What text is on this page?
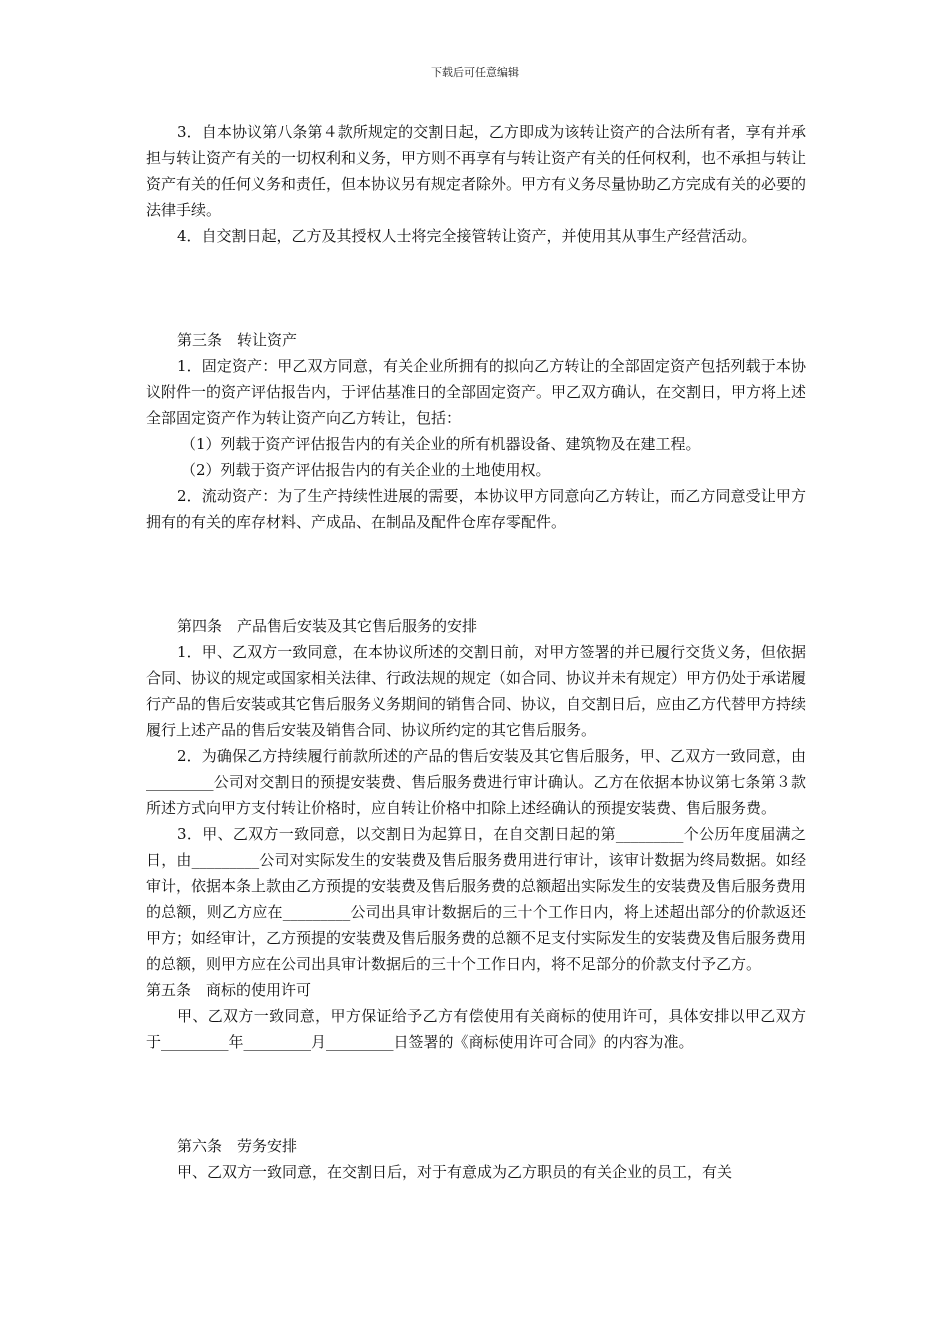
下载后可任意编辑

3．自本协议第八条第４款所规定的交割日起，乙方即成为该转让资产的合法所有者，享有并承担与转让资产有关的一切权利和义务，甲方则不再享有与转让资产有关的任何权利，也不承担与转让资产有关的任何义务和责任，但本协议另有规定者除外。甲方有义务尽量协助乙方完成有关的必要的法律手续。

4．自交割日起，乙方及其授权人士将完全接管转让资产，并使用其从事生产经营活动。

第三条　转让资产

1．固定资产：甲乙双方同意，有关企业所拥有的拟向乙方转让的全部固定资产包括列载于本协议附件一的资产评估报告内，于评估基准日的全部固定资产。甲乙双方确认，在交割日，甲方将上述全部固定资产作为转让资产向乙方转让，包括：

（1）列载于资产评估报告内的有关企业的所有机器设备、建筑物及在建工程。

（2）列载于资产评估报告内的有关企业的土地使用权。

2．流动资产：为了生产持续性进展的需要，本协议甲方同意向乙方转让，而乙方同意受让甲方拥有的有关的库存材料、产成品、在制品及配件仓库存零配件。

第四条　产品售后安装及其它售后服务的安排

1．甲、乙双方一致同意，在本协议所述的交割日前，对甲方签署的并已履行交货义务，但依据合同、协议的规定或国家相关法律、行政法规的规定（如合同、协议并未有规定）甲方仍处于承诺履行产品的售后安装或其它售后服务义务期间的销售合同、协议，自交割日后，应由乙方代替甲方持续履行上述产品的售后安装及销售合同、协议所约定的其它售后服务。

2．为确保乙方持续履行前款所述的产品的售后安装及其它售后服务，甲、乙双方一致同意，由_________公司对交割日的预提安装费、售后服务费进行审计确认。乙方在依据本协议第七条第３款所述方式向甲方支付转让价格时，应自转让价格中扣除上述经确认的预提安装费、售后服务费。

3．甲、乙双方一致同意，以交割日为起算日，在自交割日起的第_________个公历年度届满之日，由_________公司对实际发生的安装费及售后服务费用进行审计，该审计数据为终局数据。如经审计，依据本条上款由乙方预提的安装费及售后服务费的总额超出实际发生的安装费及售后服务费用的总额，则乙方应在_________公司出具审计数据后的三十个工作日内，将上述超出部分的价款返还甲方；如经审计，乙方预提的安装费及售后服务费的总额不足支付实际发生的安装费及售后服务费用的总额，则甲方应在公司出具审计数据后的三十个工作日内，将不足部分的价款支付予乙方。

第五条　商标的使用许可

甲、乙双方一致同意，甲方保证给予乙方有偿使用有关商标的使用许可，具体安排以甲乙双方于_________年_________月_________日签署的《商标使用许可合同》的内容为准。

第六条　劳务安排

甲、乙双方一致同意，在交割日后，对于有意成为乙方职员的有关企业的员工，有关
